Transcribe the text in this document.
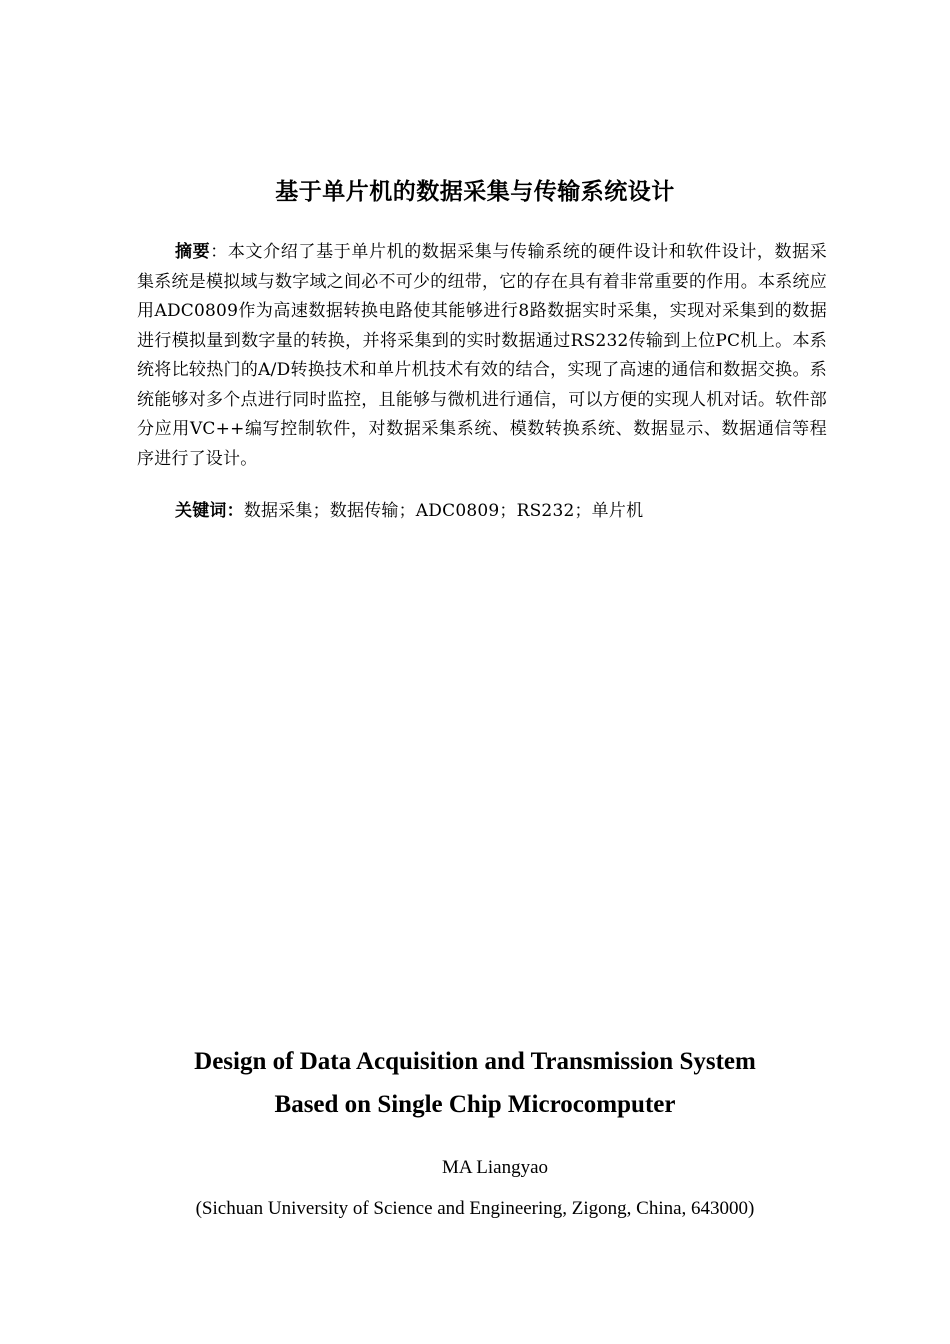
基于单片机的数据采集与传输系统设计
摘要：本文介绍了基于单片机的数据采集与传输系统的硬件设计和软件设计，数据采集系统是模拟域与数字域之间必不可少的纽带，它的存在具有着非常重要的作用。本系统应用ADC0809作为高速数据转换电路使其能够进行8路数据实时采集，实现对采集到的数据进行模拟量到数字量的转换，并将采集到的实时数据通过RS232传输到上位PC机上。本系统将比较热门的A/D转换技术和单片机技术有效的结合，实现了高速的通信和数据交换。系统能够对多个点进行同时监控，且能够与微机进行通信，可以方便的实现人机对话。软件部分应用VC++编写控制软件，对数据采集系统、模数转换系统、数据显示、数据通信等程序进行了设计。
关键词：数据采集；数据传输；ADC0809；RS232；单片机
Design of Data Acquisition and Transmission System
Based on Single Chip Microcomputer
MA Liangyao
(Sichuan University of Science and Engineering, Zigong, China, 643000)
